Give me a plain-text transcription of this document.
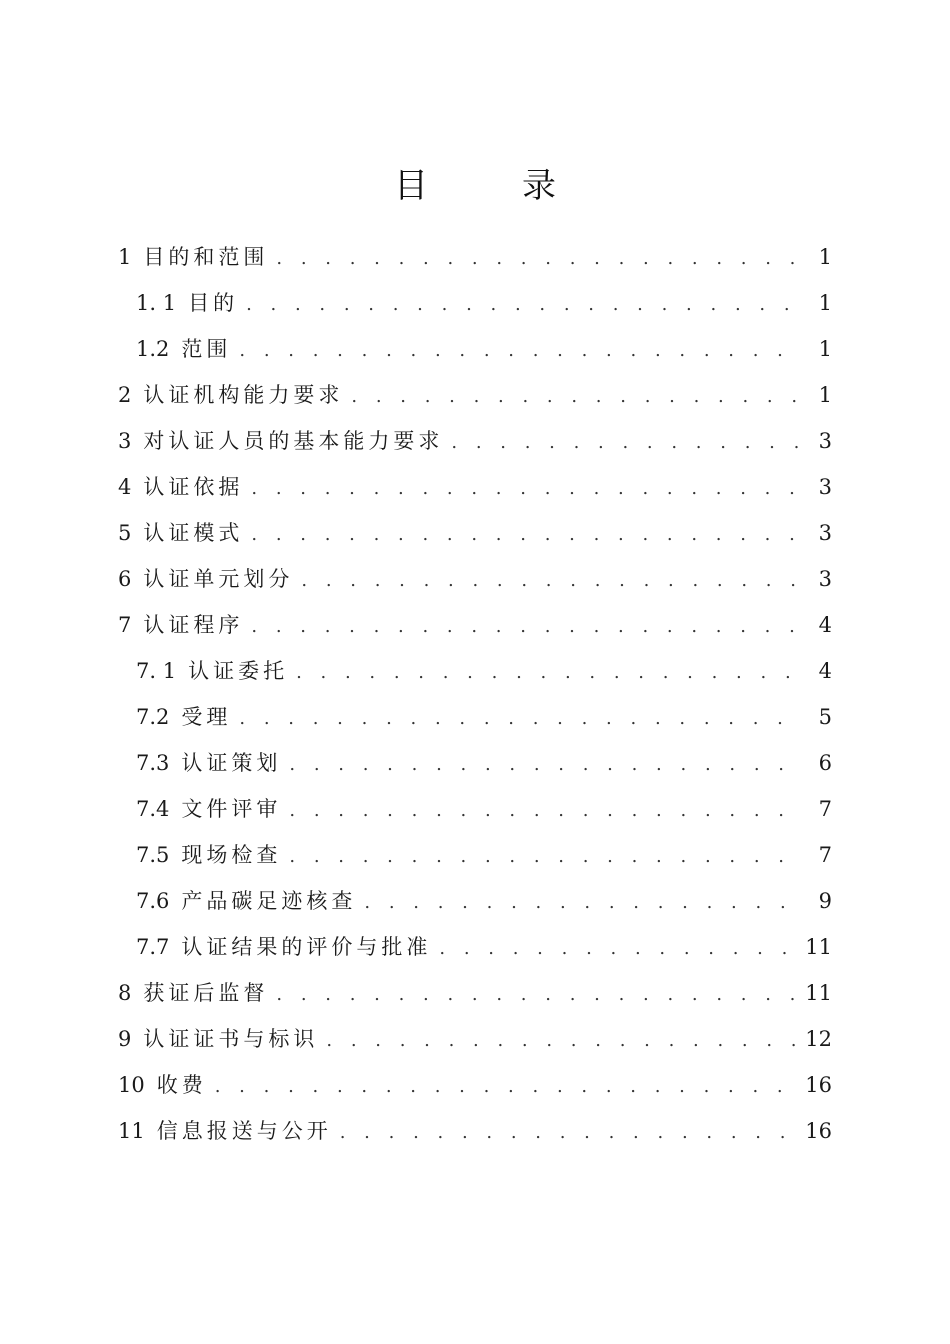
目　录
1 目的和范围 . . .	1
1. 1 目的 . . .	1
1.2 范围 . . .	1
2 认证机构能力要求 . . .	1
3 对认证人员的基本能力要求 . . .	3
4 认证依据 . . .	3
5 认证模式 . . .	3
6 认证单元划分 . . .	3
7 认证程序 . . .	4
7. 1 认证委托 . . .	4
7.2 受理 . . .	5
7.3 认证策划 . . .	6
7.4 文件评审 . . .	7
7.5 现场检查 . . .	7
7.6 产品碳足迹核查 . . .	9
7.7 认证结果的评价与批准 . . .	11
8 获证后监督 . . .	11
9 认证证书与标识 . . .	12
10 收费 . . .	16
11 信息报送与公开 . . .	16
